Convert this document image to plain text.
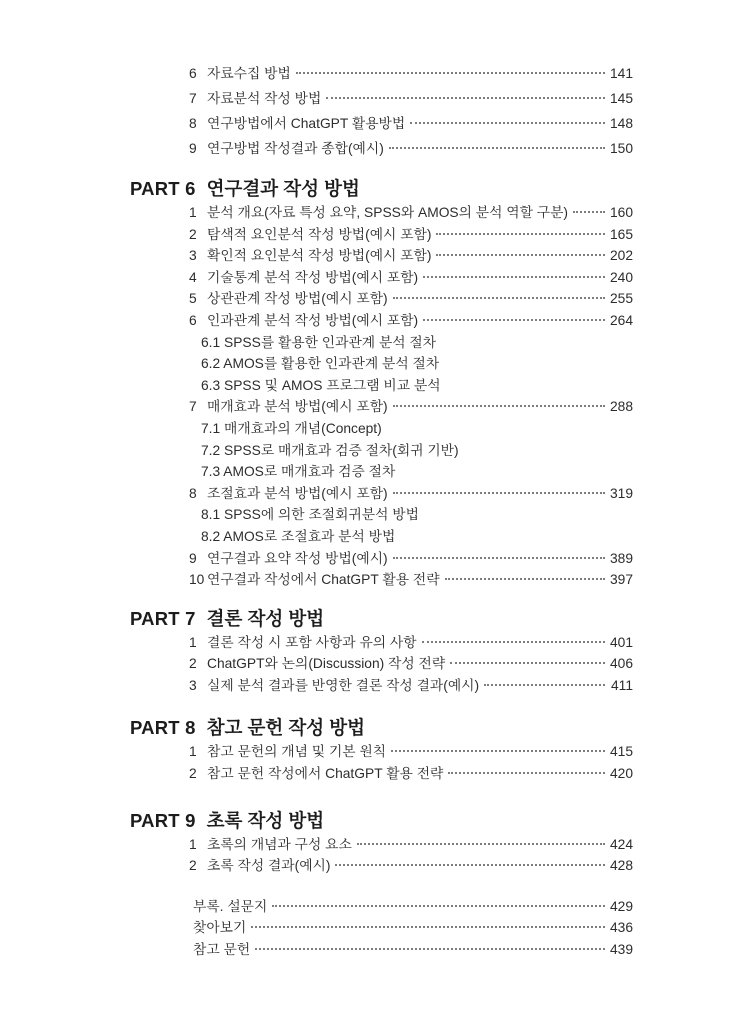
6 자료수집 방법	141
7 자료분석 작성 방법	145
8 연구방법에서 ChatGPT 활용방법	148
9 연구방법 작성결과 종합(예시)	150
PART 6 연구결과 작성 방법
1 분석 개요(자료 특성 요약, SPSS와 AMOS의 분석 역할 구분)	160
2 탐색적 요인분석 작성 방법(예시 포함)	165
3 확인적 요인분석 작성 방법(예시 포함)	202
4 기술통계 분석 작성 방법(예시 포함)	240
5 상관관계 작성 방법(예시 포함)	255
6 인과관계 분석 작성 방법(예시 포함)	264
6.1 SPSS를 활용한 인과관계 분석 절차
6.2 AMOS를 활용한 인과관계 분석 절차
6.3 SPSS 및 AMOS 프로그램 비교 분석
7 매개효과 분석 방법(예시 포함)	288
7.1 매개효과의 개념(Concept)
7.2 SPSS로 매개효과 검증 절차(회귀 기반)
7.3 AMOS로 매개효과 검증 절차
8 조절효과 분석 방법(예시 포함)	319
8.1 SPSS에 의한 조절회귀분석 방법
8.2 AMOS로 조절효과 분석 방법
9 연구결과 요약 작성 방법(예시)	389
10 연구결과 작성에서 ChatGPT 활용 전략	397
PART 7 결론 작성 방법
1 결론 작성 시 포함 사항과 유의 사항	401
2 ChatGPT와 논의(Discussion) 작성 전략	406
3 실제 분석 결과를 반영한 결론 작성 결과(예시)	411
PART 8 참고 문헌 작성 방법
1 참고 문헌의 개념 및 기본 원칙	415
2 참고 문헌 작성에서 ChatGPT 활용 전략	420
PART 9 초록 작성 방법
1 초록의 개념과 구성 요소	424
2 초록 작성 결과(예시)	428
부록. 설문지	429
찾아보기	436
참고 문헌	439
